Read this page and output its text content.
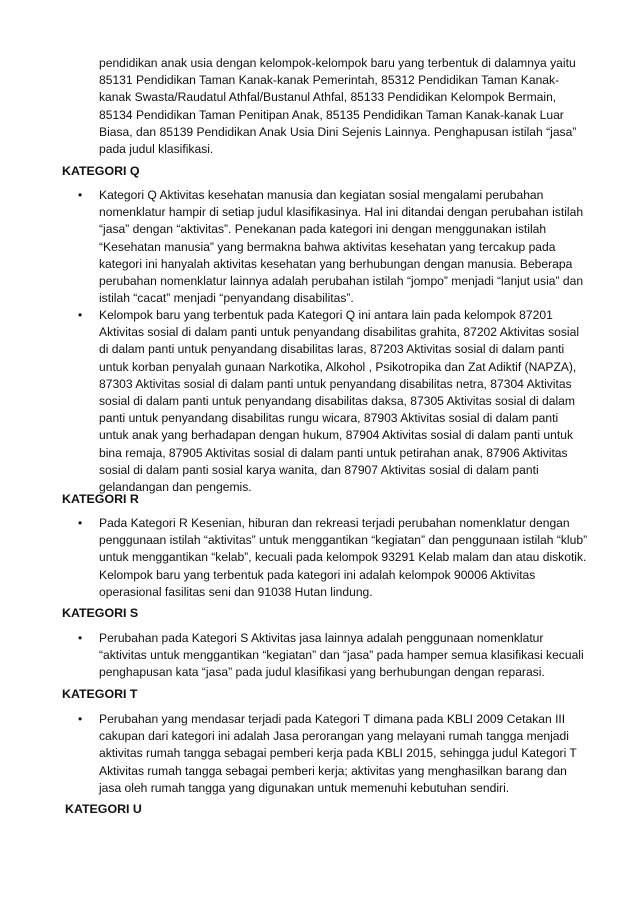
pendidikan anak usia dengan kelompok-kelompok baru yang terbentuk di dalamnya yaitu
85131 Pendidikan Taman Kanak-kanak Pemerintah, 85312 Pendidikan Taman Kanak-
kanak Swasta/Raudatul Athfal/Bustanul Athfal, 85133 Pendidikan Kelompok Bermain,
85134 Pendidikan Taman Penitipan Anak, 85135 Pendidikan Taman Kanak-kanak Luar
Biasa, dan 85139 Pendidikan Anak Usia Dini Sejenis Lainnya. Penghapusan istilah “jasa”
pada judul klasifikasi.

KATEGORI Q

• Kategori Q Aktivitas kesehatan manusia dan kegiatan sosial mengalami perubahan
nomenklatur hampir di setiap judul klasifikasinya. Hal ini ditandai dengan perubahan istilah
“jasa” dengan “aktivitas”. Penekanan pada kategori ini dengan menggunakan istilah
“Kesehatan manusia” yang bermakna bahwa aktivitas kesehatan yang tercakup pada
kategori ini hanyalah aktivitas kesehatan yang berhubungan dengan manusia. Beberapa
perubahan nomenklatur lainnya adalah perubahan istilah “jompo” menjadi “lanjut usia” dan
istilah “cacat” menjadi “penyandang disabilitas”.

• Kelompok baru yang terbentuk pada Kategori Q ini antara lain pada kelompok 87201
Aktivitas sosial di dalam panti untuk penyandang disabilitas grahita, 87202 Aktivitas sosial
di dalam panti untuk penyandang disabilitas laras, 87203 Aktivitas sosial di dalam panti
untuk korban penyalah gunaan Narkotika, Alkohol , Psikotropika dan Zat Adiktif (NAPZA),
87303 Aktivitas sosial di dalam panti untuk penyandang disabilitas netra, 87304 Aktivitas
sosial di dalam panti untuk penyandang disabilitas daksa, 87305 Aktivitas sosial di dalam
panti untuk penyandang disabilitas rungu wicara, 87903 Aktivitas sosial di dalam panti
untuk anak yang berhadapan dengan hukum, 87904 Aktivitas sosial di dalam panti untuk
bina remaja, 87905 Aktivitas sosial di dalam panti untuk petirahan anak, 87906 Aktivitas
sosial di dalam panti sosial karya wanita, dan 87907 Aktivitas sosial di dalam panti
gelandangan dan pengemis.

KATEGORI R

• Pada Kategori R Kesenian, hiburan dan rekreasi terjadi perubahan nomenklatur dengan
penggunaan istilah “aktivitas” untuk menggantikan “kegiatan” dan penggunaan istilah “klub”
untuk menggantikan “kelab”, kecuali pada kelompok 93291 Kelab malam dan atau diskotik.
Kelompok baru yang terbentuk pada kategori ini adalah kelompok 90006 Aktivitas
operasional fasilitas seni dan 91038 Hutan lindung.

KATEGORI S

• Perubahan pada Kategori S Aktivitas jasa lainnya adalah penggunaan nomenklatur
“aktivitas untuk menggantikan “kegiatan” dan “jasa” pada hamper semua klasifikasi kecuali
penghapusan kata “jasa” pada judul klasifikasi yang berhubungan dengan reparasi.

KATEGORI T

• Perubahan yang mendasar terjadi pada Kategori T dimana pada KBLI 2009 Cetakan III
cakupan dari kategori ini adalah Jasa perorangan yang melayani rumah tangga menjadi
aktivitas rumah tangga sebagai pemberi kerja pada KBLI 2015, sehingga judul Kategori T
Aktivitas rumah tangga sebagai pemberi kerja; aktivitas yang menghasilkan barang dan
jasa oleh rumah tangga yang digunakan untuk memenuhi kebutuhan sendiri.

KATEGORI U
